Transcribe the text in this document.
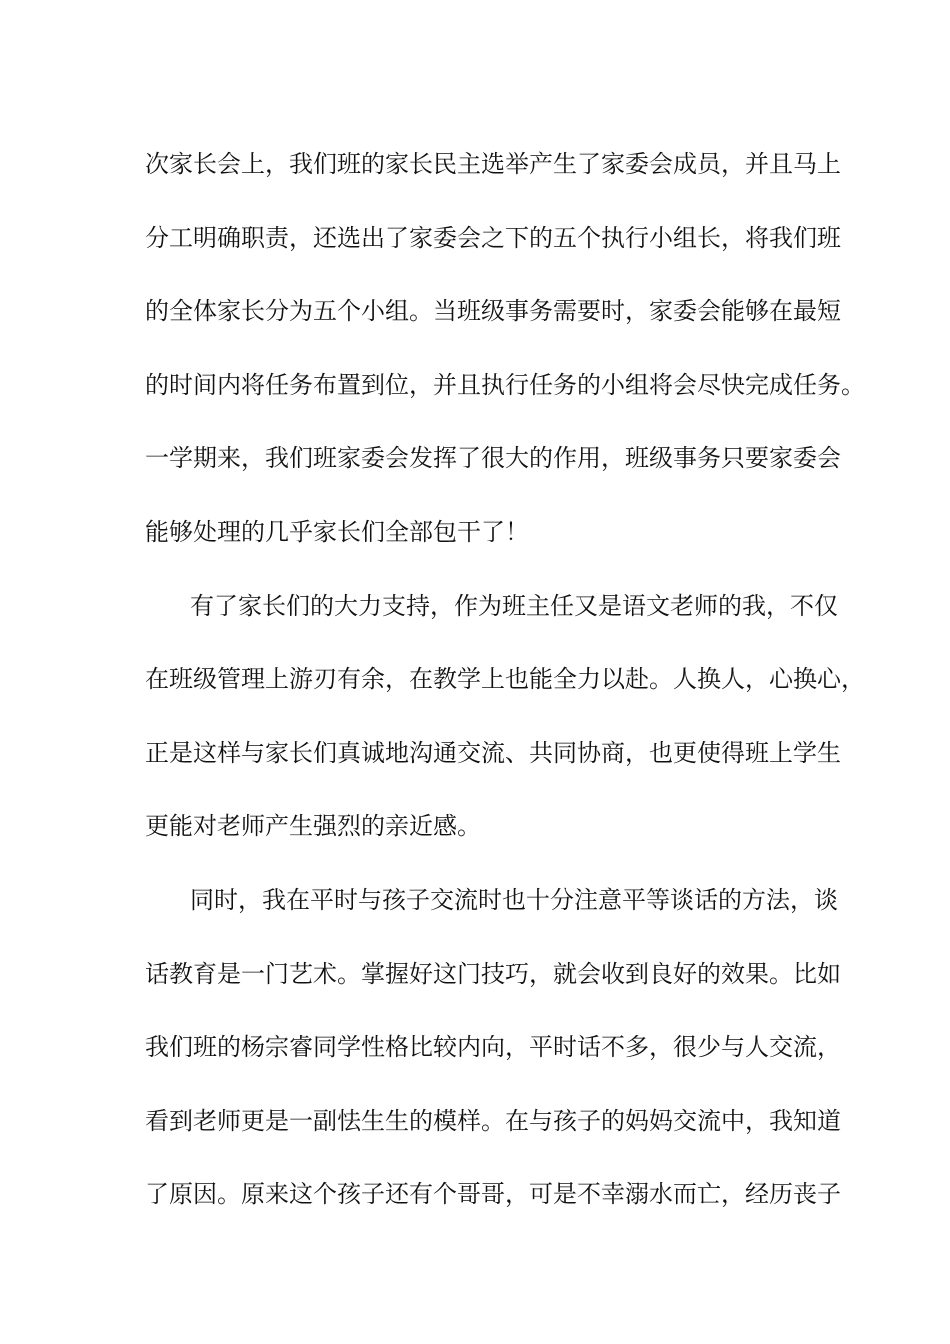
次家长会上，我们班的家长民主选举产生了家委会成员，并且马上
分工明确职责，还选出了家委会之下的五个执行小组长，将我们班
的全体家长分为五个小组。当班级事务需要时，家委会能够在最短
的时间内将任务布置到位，并且执行任务的小组将会尽快完成任务。
一学期来，我们班家委会发挥了很大的作用，班级事务只要家委会
能够处理的几乎家长们全部包干了！
有了家长们的大力支持，作为班主任又是语文老师的我，不仅
在班级管理上游刃有余，在教学上也能全力以赴。人换人，心换心，
正是这样与家长们真诚地沟通交流、共同协商，也更使得班上学生
更能对老师产生强烈的亲近感。
同时，我在平时与孩子交流时也十分注意平等谈话的方法，谈
话教育是一门艺术。掌握好这门技巧，就会收到良好的效果。比如
我们班的杨宗睿同学性格比较内向，平时话不多，很少与人交流，
看到老师更是一副怯生生的模样。在与孩子的妈妈交流中，我知道
了原因。原来这个孩子还有个哥哥，可是不幸溺水而亡，经历丧子
